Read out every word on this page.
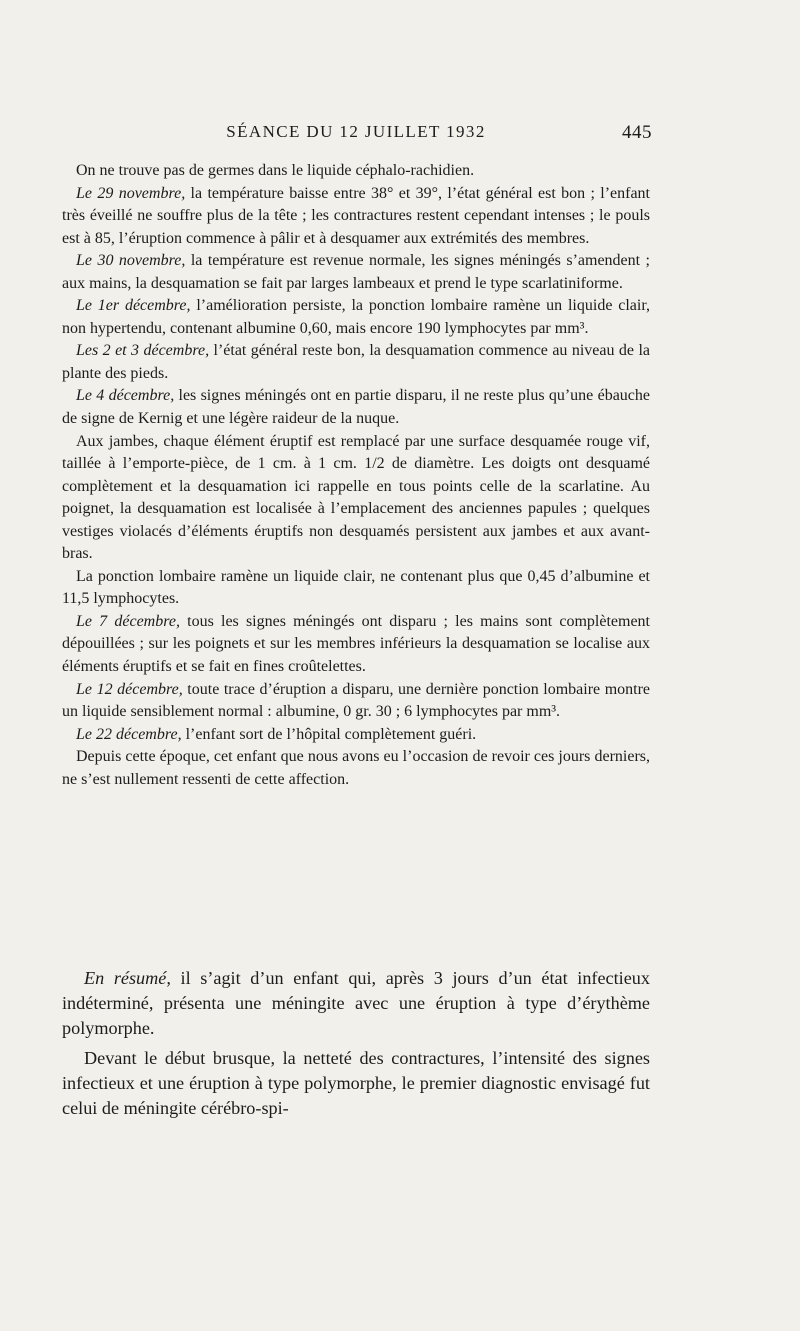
SÉANCE DU 12 JUILLET 1932	445

On ne trouve pas de germes dans le liquide céphalo-rachidien.

Le 29 novembre, la température baisse entre 38° et 39°, l’état général est bon ; l’enfant très éveillé ne souffre plus de la tête ; les contractures restent cependant intenses ; le pouls est à 85, l’éruption commence à pâlir et à desquamer aux extrémités des membres.

Le 30 novembre, la température est revenue normale, les signes méningés s’amendent ; aux mains, la desquamation se fait par larges lambeaux et prend le type scarlatiniforme.

Le 1er décembre, l’amélioration persiste, la ponction lombaire ramène un liquide clair, non hypertendu, contenant albumine 0,60, mais encore 190 lymphocytes par mm³.

Les 2 et 3 décembre, l’état général reste bon, la desquamation commence au niveau de la plante des pieds.

Le 4 décembre, les signes méningés ont en partie disparu, il ne reste plus qu’une ébauche de signe de Kernig et une légère raideur de la nuque.

Aux jambes, chaque élément éruptif est remplacé par une surface desquamée rouge vif, taillée à l’emporte-pièce, de 1 cm. à 1 cm. 1/2 de diamètre. Les doigts ont desquamé complètement et la desquamation ici rappelle en tous points celle de la scarlatine. Au poignet, la desquamation est localisée à l’emplacement des anciennes papules ; quelques vestiges violacés d’éléments éruptifs non desquamés persistent aux jambes et aux avant-bras.

La ponction lombaire ramène un liquide clair, ne contenant plus que 0,45 d’albumine et 11,5 lymphocytes.

Le 7 décembre, tous les signes méningés ont disparu ; les mains sont complètement dépouillées ; sur les poignets et sur les membres inférieurs la desquamation se localise aux éléments éruptifs et se fait en fines croûtelettes.

Le 12 décembre, toute trace d’éruption a disparu, une dernière ponction lombaire montre un liquide sensiblement normal : albumine, 0 gr. 30 ; 6 lymphocytes par mm³.

Le 22 décembre, l’enfant sort de l’hôpital complètement guéri.

Depuis cette époque, cet enfant que nous avons eu l’occasion de revoir ces jours derniers, ne s’est nullement ressenti de cette affection.

En résumé, il s’agit d’un enfant qui, après 3 jours d’un état infectieux indéterminé, présenta une méningite avec une éruption à type d’érythème polymorphe.

Devant le début brusque, la netteté des contractures, l’intensité des signes infectieux et une éruption à type polymorphe, le premier diagnostic envisagé fut celui de méningite cérébro-spi-
